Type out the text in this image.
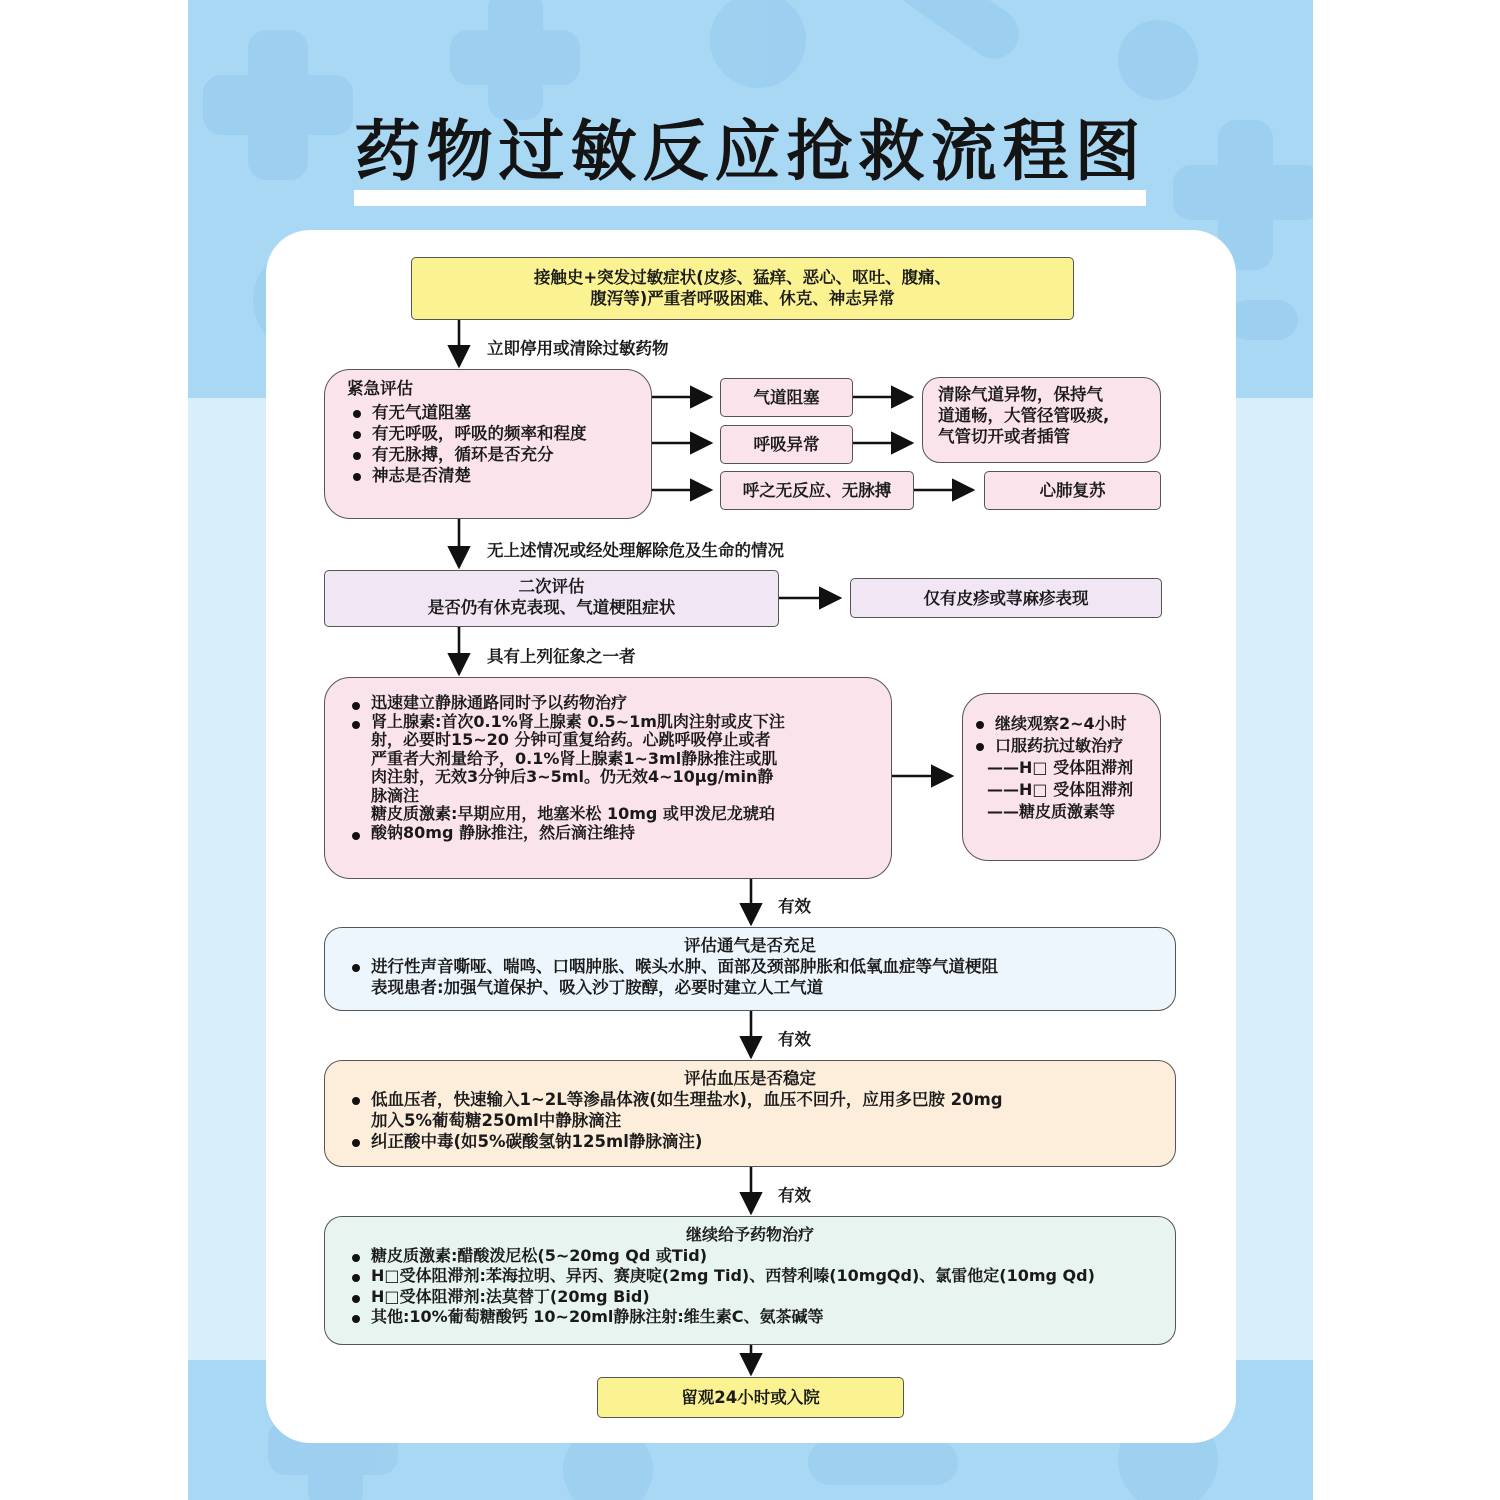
药物过敏反应抢救流程图
接触史+突发过敏症状(皮疹、猛痒、恶心、呕吐、腹痛、
腹泻等)严重者呼吸困难、休克、神志异常
立即停用或清除过敏药物
紧急评估
有无气道阻塞
有无呼吸，呼吸的频率和程度
有无脉搏，循环是否充分
神志是否清楚
气道阻塞
呼吸异常
清除气道异物，保持气
道通畅，大管径管吸痰,
气管切开或者插管
呼之无反应、无脉搏	心肺复苏
无上述情况或经处理解除危及生命的情况
二次评估
是否仍有休克表现、气道梗阻症状	仅有皮疹或荨麻疹表现
具有上列征象之一者
迅速建立静脉通路同时予以药物治疗
肾上腺素:首次0.1%肾上腺素 0.5~1m肌肉注射或皮下注
射，必要时15~20 分钟可重复给药。心跳呼吸停止或者
严重者大剂量给予，0.1%肾上腺素1~3ml静脉推注或肌
肉注射，无效3分钟后3~5ml。仍无效4~10μg/min静
脉滴注
糖皮质激素:早期应用，地塞米松 10mg 或甲泼尼龙琥珀
酸钠80mg 静脉推注，然后滴注维持
继续观察2~4小时
口服药抗过敏治疗
——H□ 受体阻滞剂
——H□ 受体阻滞剂
——糖皮质激素等
有效
评估通气是否充足
进行性声音嘶哑、喘鸣、口咽肿胀、喉头水肿、面部及颈部肿胀和低氧血症等气道梗阻
表现患者:加强气道保护、吸入沙丁胺醇，必要时建立人工气道
有效
评估血压是否稳定
低血压者，快速输入1~2L等渗晶体液(如生理盐水)，血压不回升，应用多巴胺 20mg
加入5%葡萄糖250ml中静脉滴注
纠正酸中毒(如5%碳酸氢钠125ml静脉滴注)
有效
继续给予药物治疗
糖皮质激素:醋酸泼尼松(5~20mg Qd 或Tid)
H□受体阻滞剂:苯海拉明、异丙、赛庚啶(2mg Tid)、西替利嗪(10mgQd)、氯雷他定(10mg Qd)
H□受体阻滞剂:法莫替丁(20mg Bid)
其他:10%葡萄糖酸钙 10~20ml静脉注射:维生素C、氨茶碱等
留观24小时或入院
